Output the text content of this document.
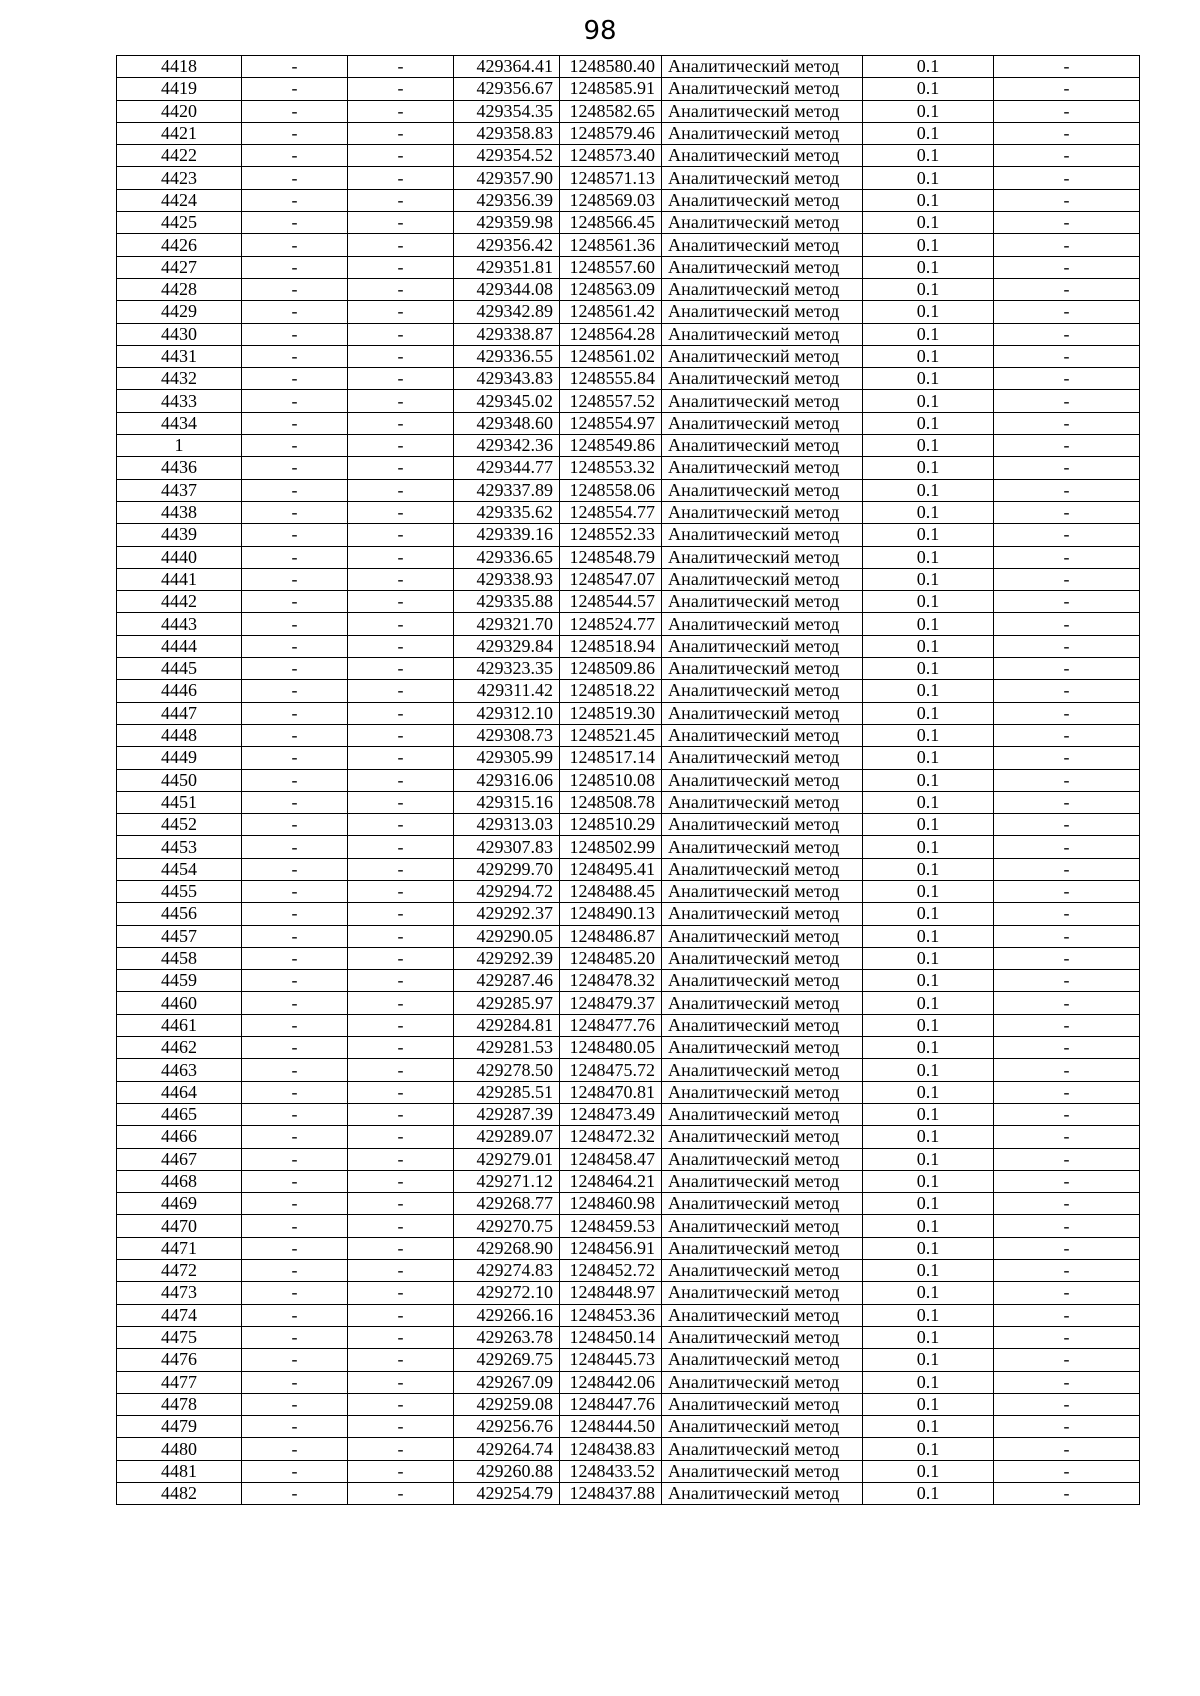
98
4418	-	-	429364.41	1248580.40	Аналитический метод	0.1	-
4419	-	-	429356.67	1248585.91	Аналитический метод	0.1	-
4420	-	-	429354.35	1248582.65	Аналитический метод	0.1	-
4421	-	-	429358.83	1248579.46	Аналитический метод	0.1	-
4422	-	-	429354.52	1248573.40	Аналитический метод	0.1	-
4423	-	-	429357.90	1248571.13	Аналитический метод	0.1	-
4424	-	-	429356.39	1248569.03	Аналитический метод	0.1	-
4425	-	-	429359.98	1248566.45	Аналитический метод	0.1	-
4426	-	-	429356.42	1248561.36	Аналитический метод	0.1	-
4427	-	-	429351.81	1248557.60	Аналитический метод	0.1	-
4428	-	-	429344.08	1248563.09	Аналитический метод	0.1	-
4429	-	-	429342.89	1248561.42	Аналитический метод	0.1	-
4430	-	-	429338.87	1248564.28	Аналитический метод	0.1	-
4431	-	-	429336.55	1248561.02	Аналитический метод	0.1	-
4432	-	-	429343.83	1248555.84	Аналитический метод	0.1	-
4433	-	-	429345.02	1248557.52	Аналитический метод	0.1	-
4434	-	-	429348.60	1248554.97	Аналитический метод	0.1	-
1	-	-	429342.36	1248549.86	Аналитический метод	0.1	-
4436	-	-	429344.77	1248553.32	Аналитический метод	0.1	-
4437	-	-	429337.89	1248558.06	Аналитический метод	0.1	-
4438	-	-	429335.62	1248554.77	Аналитический метод	0.1	-
4439	-	-	429339.16	1248552.33	Аналитический метод	0.1	-
4440	-	-	429336.65	1248548.79	Аналитический метод	0.1	-
4441	-	-	429338.93	1248547.07	Аналитический метод	0.1	-
4442	-	-	429335.88	1248544.57	Аналитический метод	0.1	-
4443	-	-	429321.70	1248524.77	Аналитический метод	0.1	-
4444	-	-	429329.84	1248518.94	Аналитический метод	0.1	-
4445	-	-	429323.35	1248509.86	Аналитический метод	0.1	-
4446	-	-	429311.42	1248518.22	Аналитический метод	0.1	-
4447	-	-	429312.10	1248519.30	Аналитический метод	0.1	-
4448	-	-	429308.73	1248521.45	Аналитический метод	0.1	-
4449	-	-	429305.99	1248517.14	Аналитический метод	0.1	-
4450	-	-	429316.06	1248510.08	Аналитический метод	0.1	-
4451	-	-	429315.16	1248508.78	Аналитический метод	0.1	-
4452	-	-	429313.03	1248510.29	Аналитический метод	0.1	-
4453	-	-	429307.83	1248502.99	Аналитический метод	0.1	-
4454	-	-	429299.70	1248495.41	Аналитический метод	0.1	-
4455	-	-	429294.72	1248488.45	Аналитический метод	0.1	-
4456	-	-	429292.37	1248490.13	Аналитический метод	0.1	-
4457	-	-	429290.05	1248486.87	Аналитический метод	0.1	-
4458	-	-	429292.39	1248485.20	Аналитический метод	0.1	-
4459	-	-	429287.46	1248478.32	Аналитический метод	0.1	-
4460	-	-	429285.97	1248479.37	Аналитический метод	0.1	-
4461	-	-	429284.81	1248477.76	Аналитический метод	0.1	-
4462	-	-	429281.53	1248480.05	Аналитический метод	0.1	-
4463	-	-	429278.50	1248475.72	Аналитический метод	0.1	-
4464	-	-	429285.51	1248470.81	Аналитический метод	0.1	-
4465	-	-	429287.39	1248473.49	Аналитический метод	0.1	-
4466	-	-	429289.07	1248472.32	Аналитический метод	0.1	-
4467	-	-	429279.01	1248458.47	Аналитический метод	0.1	-
4468	-	-	429271.12	1248464.21	Аналитический метод	0.1	-
4469	-	-	429268.77	1248460.98	Аналитический метод	0.1	-
4470	-	-	429270.75	1248459.53	Аналитический метод	0.1	-
4471	-	-	429268.90	1248456.91	Аналитический метод	0.1	-
4472	-	-	429274.83	1248452.72	Аналитический метод	0.1	-
4473	-	-	429272.10	1248448.97	Аналитический метод	0.1	-
4474	-	-	429266.16	1248453.36	Аналитический метод	0.1	-
4475	-	-	429263.78	1248450.14	Аналитический метод	0.1	-
4476	-	-	429269.75	1248445.73	Аналитический метод	0.1	-
4477	-	-	429267.09	1248442.06	Аналитический метод	0.1	-
4478	-	-	429259.08	1248447.76	Аналитический метод	0.1	-
4479	-	-	429256.76	1248444.50	Аналитический метод	0.1	-
4480	-	-	429264.74	1248438.83	Аналитический метод	0.1	-
4481	-	-	429260.88	1248433.52	Аналитический метод	0.1	-
4482	-	-	429254.79	1248437.88	Аналитический метод	0.1	-
